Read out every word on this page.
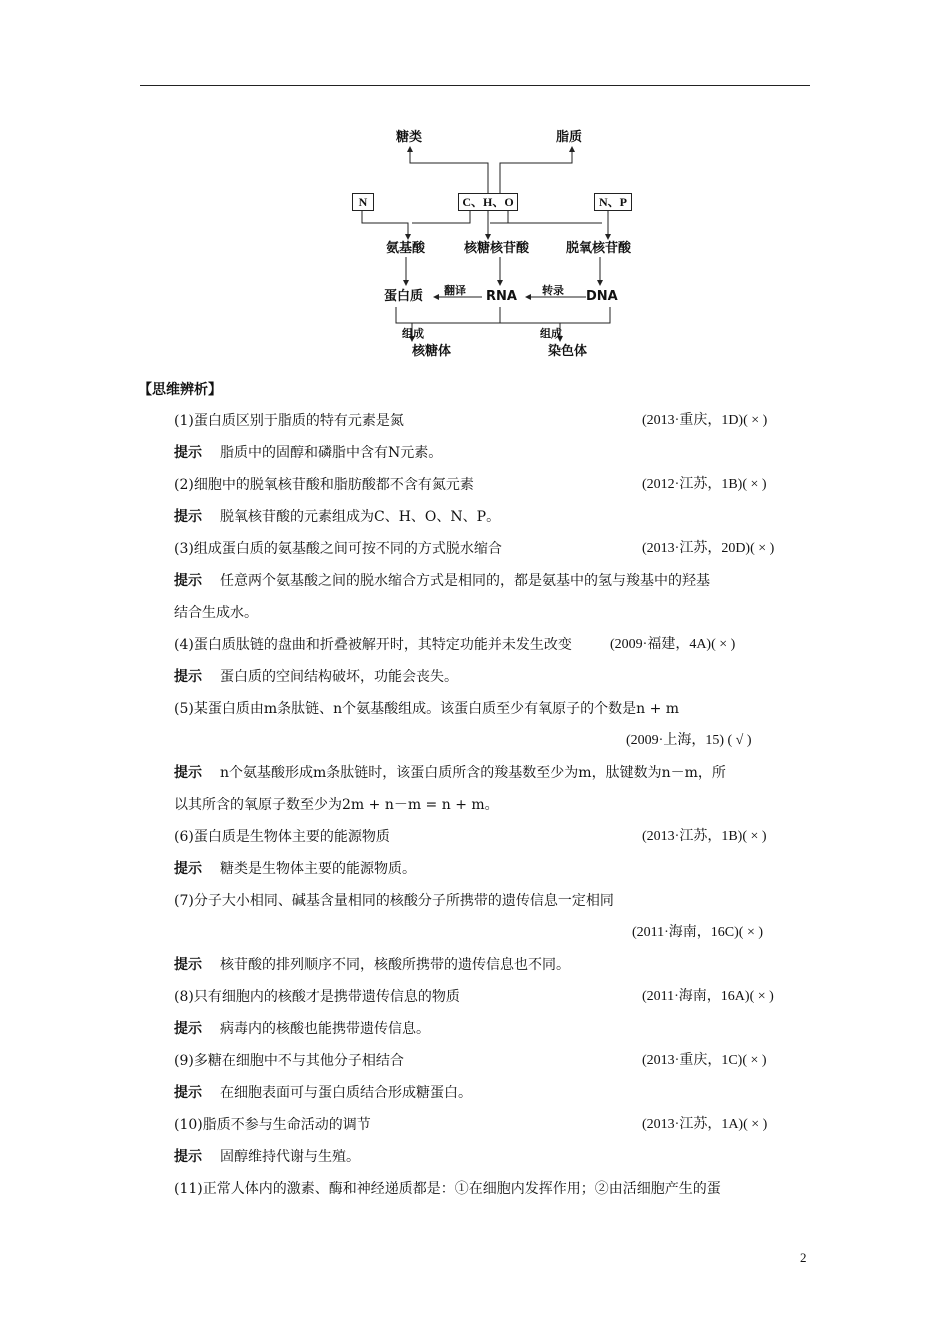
糖类	脂质
N	C、H、O	N、P
氨基酸	核糖核苷酸	脱氧核苷酸
蛋白质 翻译 RNA 转录 DNA
组成	组成
核糖体	染色体
【思维辨析】
(1)蛋白质区别于脂质的特有元素是氮	(2013·重庆，1D)( × )
提示 脂质中的固醇和磷脂中含有N元素。
(2)细胞中的脱氧核苷酸和脂肪酸都不含有氮元素	(2012·江苏，1B)( × )
提示 脱氧核苷酸的元素组成为C、H、O、N、P。
(3)组成蛋白质的氨基酸之间可按不同的方式脱水缩合	(2013·江苏，20D)( × )
提示 任意两个氨基酸之间的脱水缩合方式是相同的，都是氨基中的氢与羧基中的羟基
结合生成水。
(4)蛋白质肽链的盘曲和折叠被解开时，其特定功能并未发生改变	(2009·福建，4A)( × )
提示 蛋白质的空间结构破坏，功能会丧失。
(5)某蛋白质由m条肽链、n个氨基酸组成。该蛋白质至少有氧原子的个数是n + m
(2009·上海，15) ( √ )
提示 n个氨基酸形成m条肽链时，该蛋白质所含的羧基数至少为m，肽键数为n－m，所
以其所含的氧原子数至少为2m + n－m = n + m。
(6)蛋白质是生物体主要的能源物质	(2013·江苏，1B)( × )
提示 糖类是生物体主要的能源物质。
(7)分子大小相同、碱基含量相同的核酸分子所携带的遗传信息一定相同
(2011·海南，16C)( × )
提示 核苷酸的排列顺序不同，核酸所携带的遗传信息也不同。
(8)只有细胞内的核酸才是携带遗传信息的物质	(2011·海南，16A)( × )
提示 病毒内的核酸也能携带遗传信息。
(9)多糖在细胞中不与其他分子相结合	(2013·重庆，1C)( × )
提示 在细胞表面可与蛋白质结合形成糖蛋白。
(10)脂质不参与生命活动的调节	(2013·江苏，1A)( × )
提示 固醇维持代谢与生殖。
(11)正常人体内的激素、酶和神经递质都是：①在细胞内发挥作用；②由活细胞产生的蛋
2
